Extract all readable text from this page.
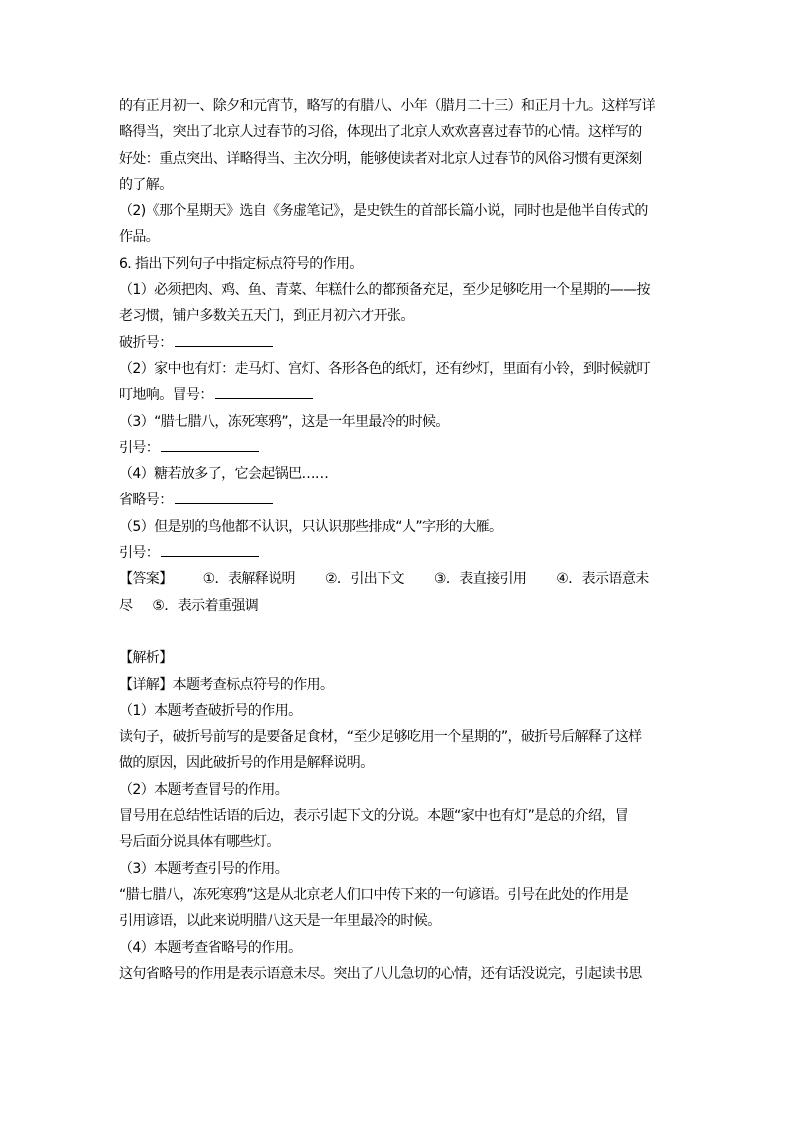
的有正月初一、除夕和元宵节，略写的有腊八、小年（腊月二十三）和正月十九。这样写详
略得当，突出了北京人过春节的习俗，体现出了北京人欢欢喜喜过春节的心情。这样写的
好处：重点突出、详略得当、主次分明，能够使读者对北京人过春节的风俗习惯有更深刻
的了解。
（2)《那个星期天》选自《务虚笔记》，是史铁生的首部长篇小说，同时也是他半自传式的
作品。
6. 指出下列句子中指定标点符号的作用。
（1）必须把肉、鸡、鱼、青菜、年糕什么的都预备充足，至少足够吃用一个星期的——按
老习惯，铺户多数关五天门，到正月初六才开张。
破折号：
（2）家中也有灯：走马灯、宫灯、各形各色的纸灯，还有纱灯，里面有小铃，到时候就叮
叮地响。冒号：
（3）“腊七腊八，冻死寒鸦”，这是一年里最冷的时候。
引号：
（4）糖若放多了，它会起锅巴……
省略号：
（5）但是别的鸟他都不认识，只认识那些排成“人”字形的大雁。
引号：
【答案】 ①．表解释说明 ②．引出下文 ③．表直接引用 ④．表示语意未
尽 ⑤．表示着重强调
【解析】
【详解】本题考查标点符号的作用。
（1）本题考查破折号的作用。
读句子，破折号前写的是要备足食材，“至少足够吃用一个星期的”，破折号后解释了这样
做的原因，因此破折号的作用是解释说明。
（2）本题考查冒号的作用。
冒号用在总结性话语的后边，表示引起下文的分说。本题“家中也有灯”是总的介绍，冒
号后面分说具体有哪些灯。
（3）本题考查引号的作用。
“腊七腊八，冻死寒鸦”这是从北京老人们口中传下来的一句谚语。引号在此处的作用是
引用谚语，以此来说明腊八这天是一年里最冷的时候。
（4）本题考查省略号的作用。
这句省略号的作用是表示语意未尽。突出了八儿急切的心情，还有话没说完，引起读书思
